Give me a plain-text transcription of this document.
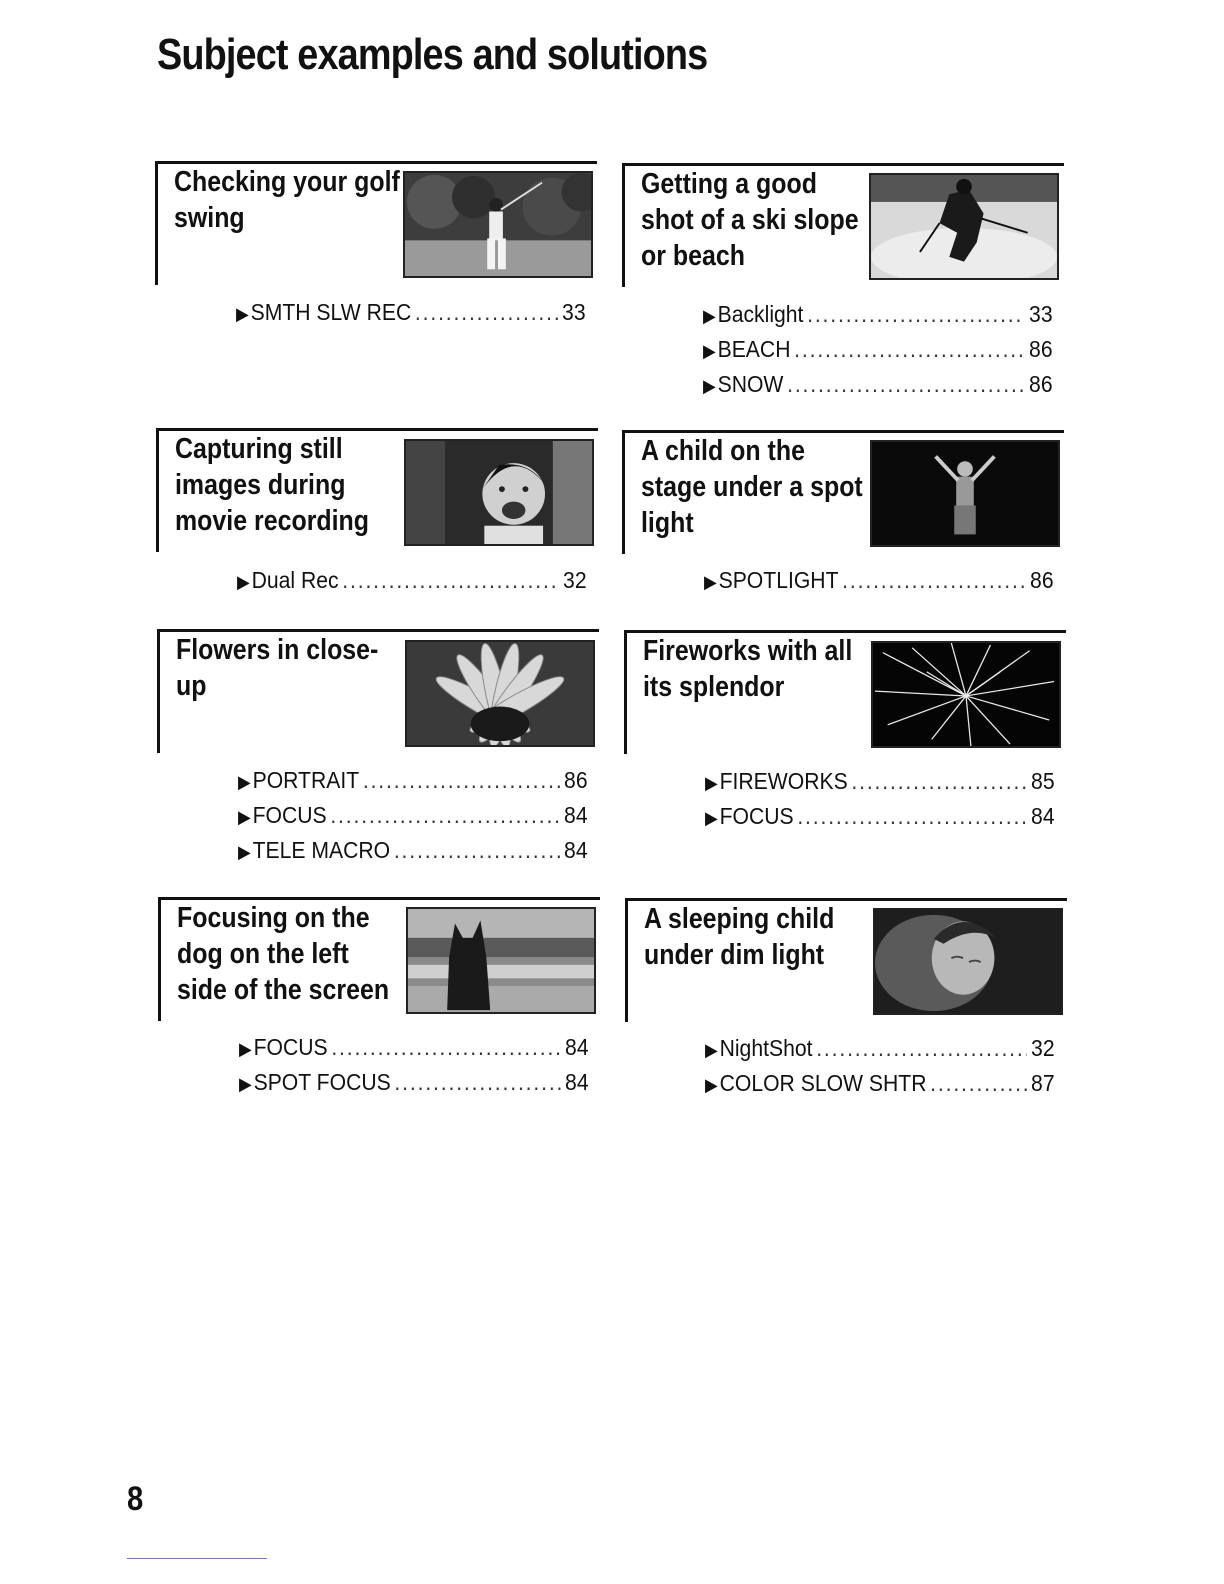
Subject examples and solutions
Checking your golf
swing
▶ SMTH SLW REC .....	33
Getting a good
shot of a ski slope
or beach
▶ Backlight .....	33
▶ BEACH .....	86
▶ SNOW .....	86
Capturing still
images during
movie recording
▶ Dual Rec .....	32
A child on the
stage under a spot
light
▶ SPOTLIGHT .....	86
Flowers in close-
up
▶ PORTRAIT .....	86
▶ FOCUS .....	84
▶ TELE MACRO .....	84
Fireworks with all
its splendor
▶ FIREWORKS .....	85
▶ FOCUS .....	84
Focusing on the
dog on the left
side of the screen
▶ FOCUS .....	84
▶ SPOT FOCUS .....	84
A sleeping child
under dim light
▶ NightShot .....	32
▶ COLOR SLOW SHTR .....	87
8
